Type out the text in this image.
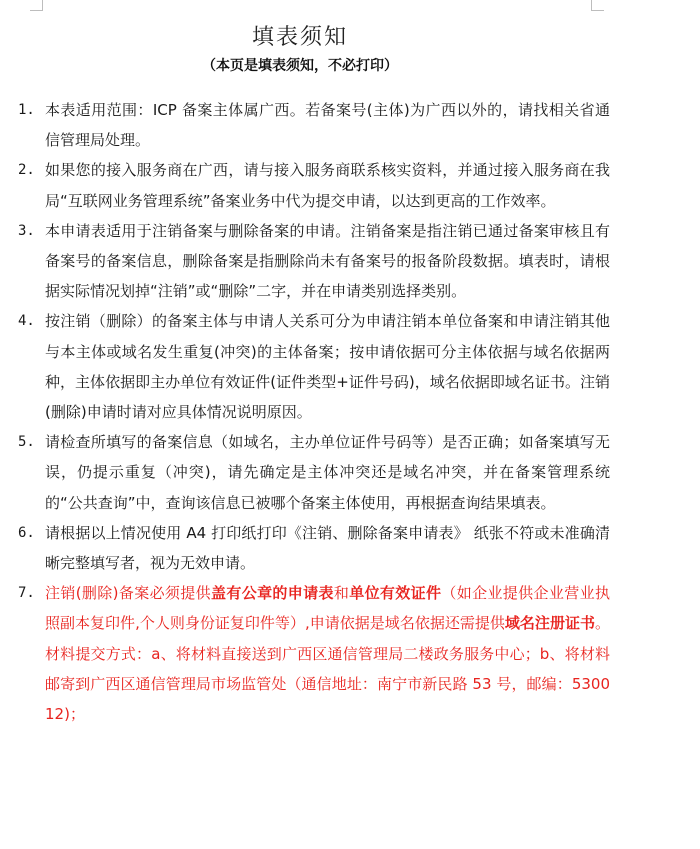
填表须知
（本页是填表须知，不必打印）
1. 本表适用范围：ICP 备案主体属广西。若备案号(主体)为广西以外的，请找相关省通信管理局处理。
2. 如果您的接入服务商在广西，请与接入服务商联系核实资料，并通过接入服务商在我局“互联网业务管理系统”备案业务中代为提交申请，以达到更高的工作效率。
3. 本申请表适用于注销备案与删除备案的申请。注销备案是指注销已通过备案审核且有备案号的备案信息，删除备案是指删除尚未有备案号的报备阶段数据。填表时，请根据实际情况划掉“注销”或“删除”二字，并在申请类别选择类别。
4. 按注销（删除）的备案主体与申请人关系可分为申请注销本单位备案和申请注销其他与本主体或域名发生重复(冲突)的主体备案；按申请依据可分主体依据与域名依据两种，主体依据即主办单位有效证件(证件类型+证件号码)，域名依据即域名证书。注销(删除)申请时请对应具体情况说明原因。
5. 请检查所填写的备案信息（如域名，主办单位证件号码等）是否正确；如备案填写无误，仍提示重复（冲突)，请先确定是主体冲突还是域名冲突，并在备案管理系统的“公共查询”中，查询该信息已被哪个备案主体使用，再根据查询结果填表。
6. 请根据以上情况使用 A4 打印纸打印《注销、删除备案申请表》 纸张不符或未准确清晰完整填写者，视为无效申请。
7. 注销(删除)备案必须提供盖有公章的申请表和单位有效证件（如企业提供企业营业执照副本复印件,个人则身份证复印件等）,申请依据是域名依据还需提供域名注册证书。材料提交方式：a、将材料直接送到广西区通信管理局二楼政务服务中心；b、将材料邮寄到广西区通信管理局市场监管处（通信地址：南宁市新民路 53 号，邮编：530012)；
